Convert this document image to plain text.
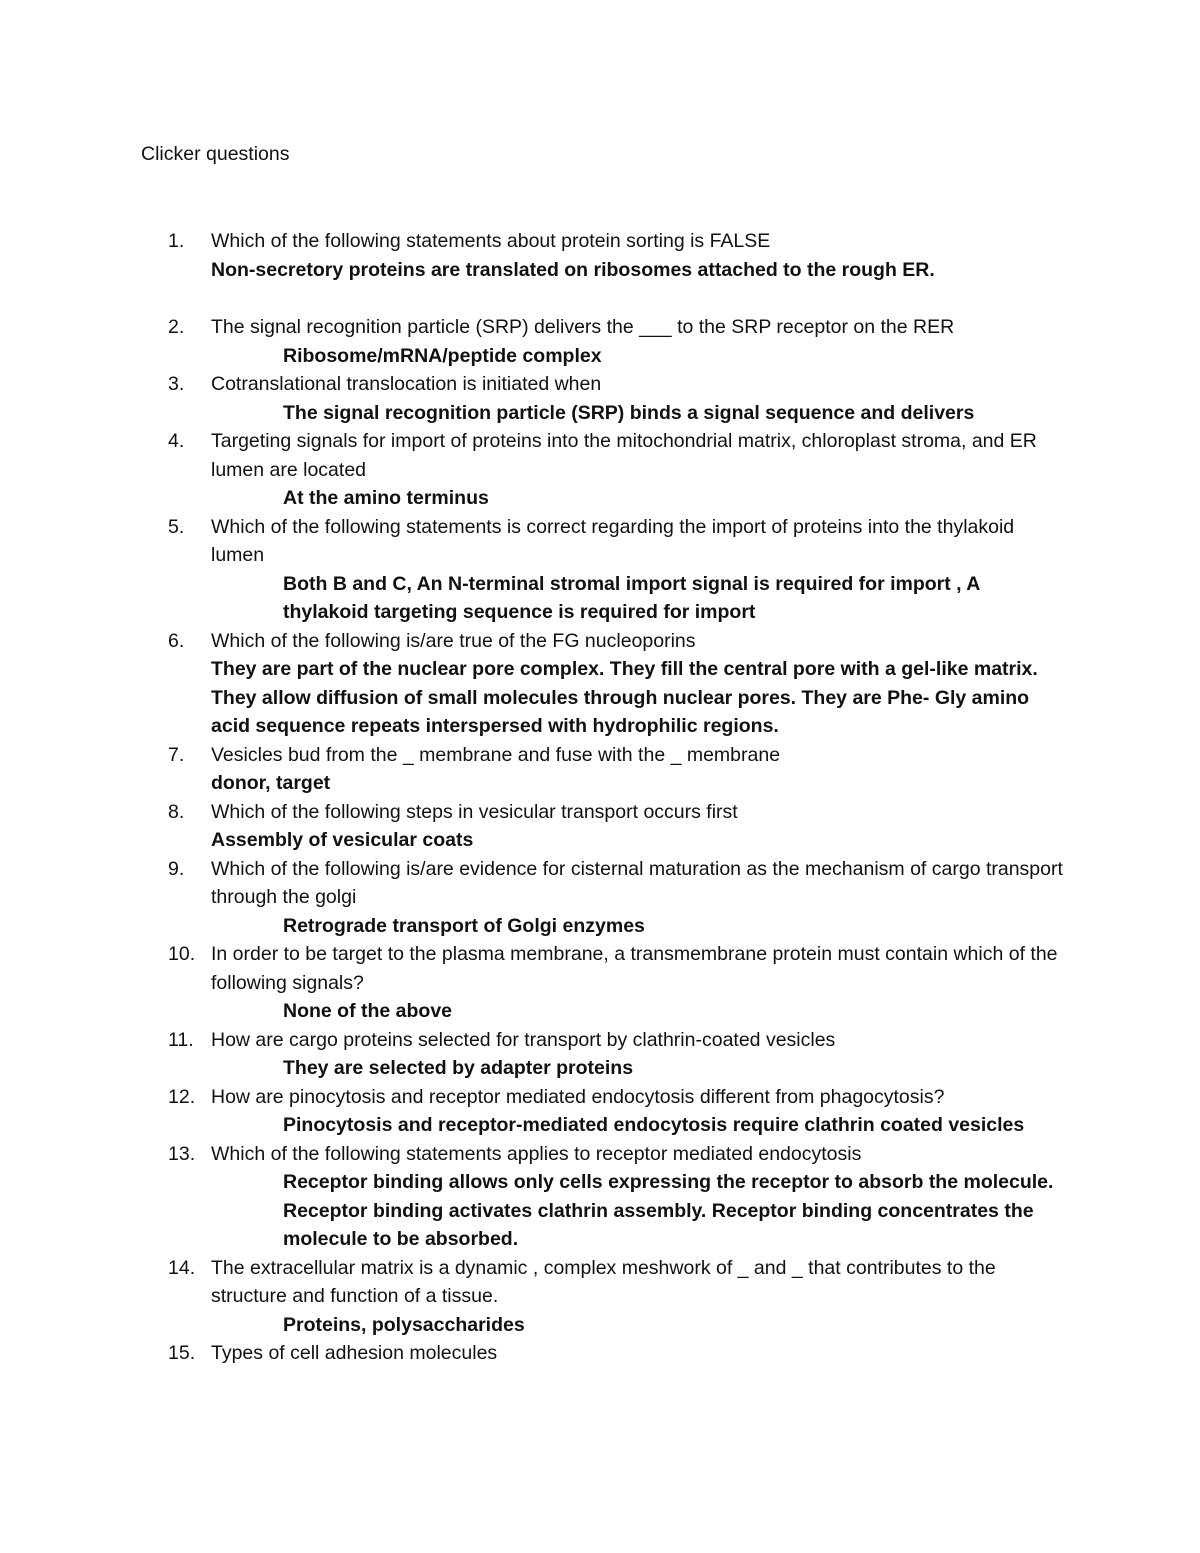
Clicker questions
1.	Which of the following statements about protein sorting is FALSE
Non-secretory proteins are translated on ribosomes attached to the rough ER.
2.	The signal recognition particle (SRP) delivers the ___ to the SRP receptor on the RER
Ribosome/mRNA/peptide complex
3.	Cotranslational translocation is initiated when
The signal recognition particle (SRP) binds a signal sequence and delivers
4.	Targeting signals for import of proteins into the mitochondrial matrix, chloroplast stroma, and ER lumen are located
At the amino terminus
5.	Which of the following statements is correct regarding the import of proteins into the thylakoid lumen
Both B and C, An N-terminal stromal import signal is required for import , A thylakoid targeting sequence is required for import
6.	Which of the following is/are true of the FG nucleoporins
They are part of the nuclear pore complex. They fill the central pore with a gel-like matrix. They allow diffusion of small molecules through nuclear pores. They are Phe- Gly amino acid sequence repeats interspersed with hydrophilic regions.
7.	Vesicles bud from the _ membrane and fuse with the _ membrane
donor, target
8.	Which of the following steps in vesicular transport occurs first
Assembly of vesicular coats
9.	Which of the following is/are evidence for cisternal maturation as the mechanism of cargo transport through the golgi
Retrograde transport of Golgi enzymes
10. In order to be target to the plasma membrane, a transmembrane protein must contain which of the following signals?
None of the above
11. How are cargo proteins selected for transport by clathrin-coated vesicles
They are selected by adapter proteins
12. How are pinocytosis and receptor mediated endocytosis different from phagocytosis?
Pinocytosis and receptor-mediated endocytosis require clathrin coated vesicles
13. Which of the following statements applies to receptor mediated endocytosis
Receptor binding allows only cells expressing the receptor to absorb the molecule. Receptor binding activates clathrin assembly. Receptor binding concentrates the molecule to be absorbed.
14. The extracellular matrix is a dynamic , complex meshwork of _ and _ that contributes to the structure and function of a tissue.
Proteins, polysaccharides
15. Types of cell adhesion molecules
